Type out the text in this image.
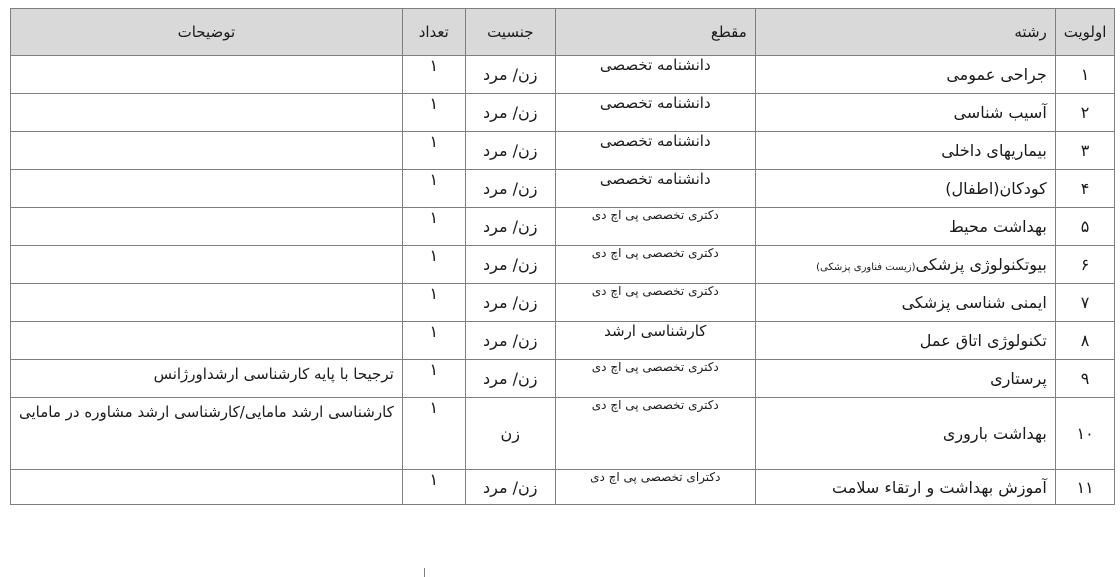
اولویت	رشته	مقطع	جنسیت	تعداد	توضیحات
۱	جراحی عمومی	دانشنامه تخصصی	زن/ مرد	۱	
۲	آسیب شناسی	دانشنامه تخصصی	زن/ مرد	۱	
۳	بیماریهای داخلی	دانشنامه تخصصی	زن/ مرد	۱	
۴	کودکان(اطفال)	دانشنامه تخصصی	زن/ مرد	۱	
۵	بهداشت محیط	دکتری تخصصی پی اچ دی	زن/ مرد	۱	
۶	بیوتکنولوژی پزشکی(زیست فناوری پزشکی)	دکتری تخصصی پی اچ دی	زن/ مرد	۱	
۷	ایمنی شناسی پزشکی	دکتری تخصصی پی اچ دی	زن/ مرد	۱	
۸	تکنولوژی اتاق عمل	کارشناسی ارشد	زن/ مرد	۱	
۹	پرستاری	دکتری تخصصی پی اچ دی	زن/ مرد	۱	ترجیحا با پایه کارشناسی ارشداورژانس
۱۰	بهداشت باروری	دکتری تخصصی پی اچ دی	زن	۱	کارشناسی ارشد مامایی/کارشناسی ارشد مشاوره در مامایی
۱۱	آموزش بهداشت و ارتقاء سلامت	دکترای تخصصی پی اچ دی	زن/ مرد	۱	
